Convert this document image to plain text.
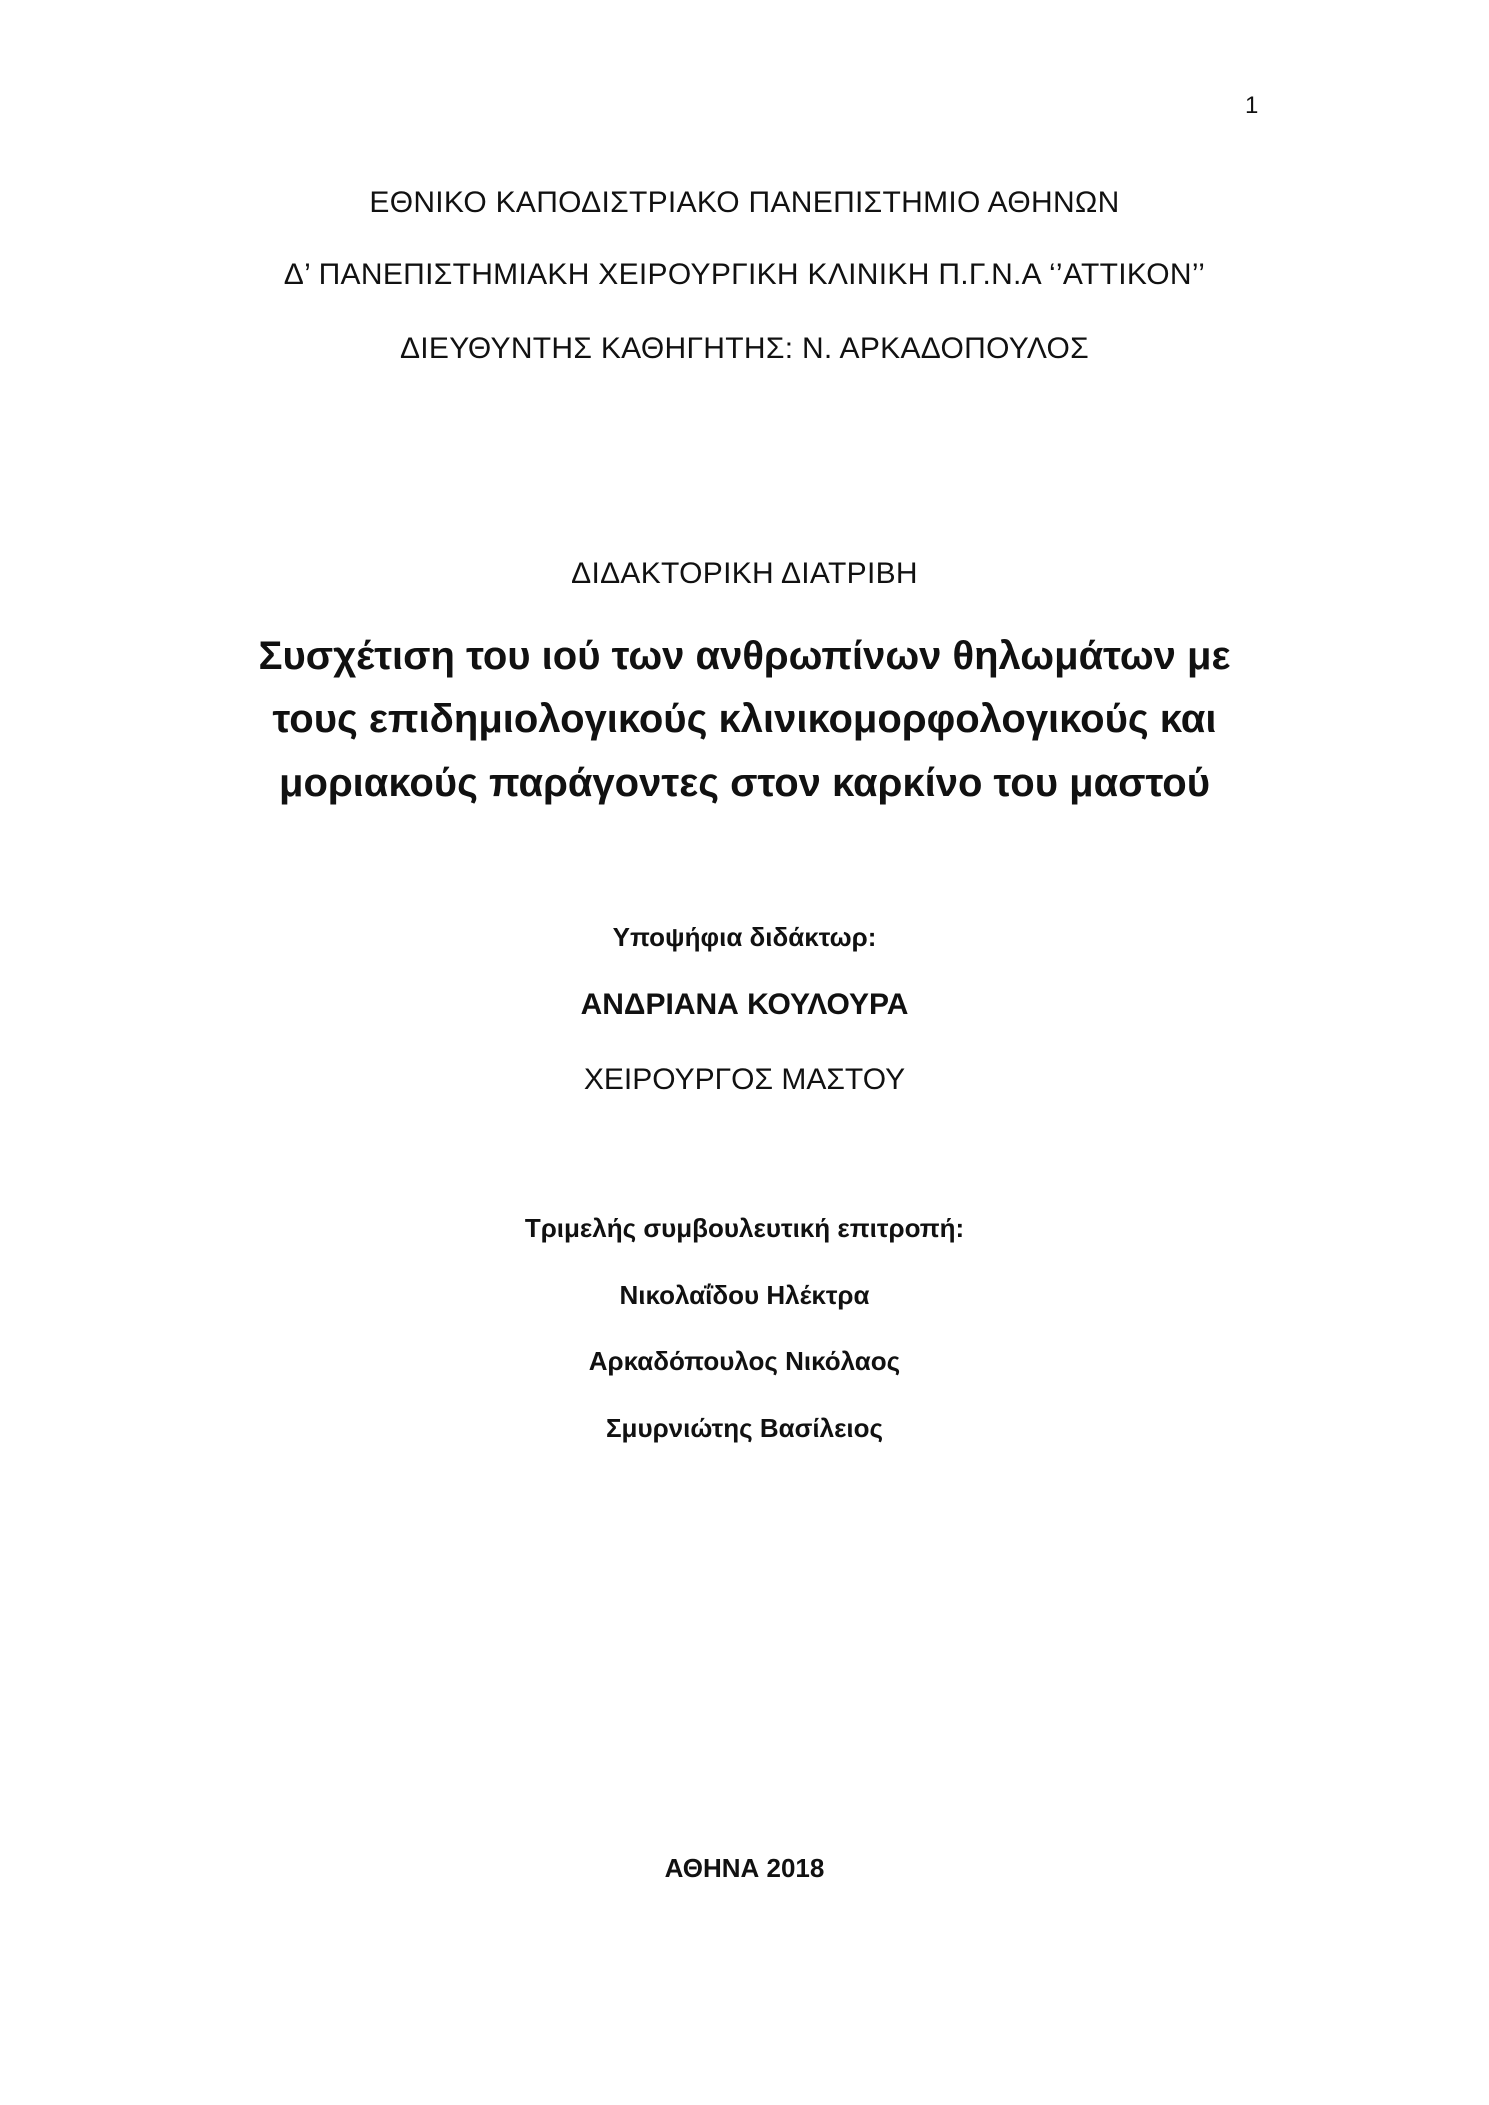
1
ΕΘΝΙΚΟ ΚΑΠΟΔΙΣΤΡΙΑΚΟ ΠΑΝΕΠΙΣΤΗΜΙΟ ΑΘΗΝΩΝ
Δ’ ΠΑΝΕΠΙΣΤΗΜΙΑΚΗ ΧΕΙΡΟΥΡΓΙΚΗ ΚΛΙΝΙΚΗ Π.Γ.Ν.Α ‘’ΑΤΤΙΚΟΝ’’
ΔΙΕΥΘΥΝΤΗΣ ΚΑΘΗΓΗΤΗΣ: Ν. ΑΡΚΑΔΟΠΟΥΛΟΣ
ΔΙΔΑΚΤΟΡΙΚΗ ΔΙΑΤΡΙΒΗ
Συσχέτιση του ιού των ανθρωπίνων θηλωμάτων με
τους επιδημιολογικούς κλινικομορφολογικούς και
μοριακούς παράγοντες στον καρκίνο του μαστού
Υποψήφια διδάκτωρ:
ΑΝΔΡΙΑΝΑ ΚΟΥΛΟΥΡΑ
ΧΕΙΡΟΥΡΓΟΣ ΜΑΣΤΟΥ
Τριμελής συμβουλευτική επιτροπή:
Νικολαΐδου Ηλέκτρα
Αρκαδόπουλος Νικόλαος
Σμυρνιώτης Βασίλειος
ΑΘΗΝΑ 2018
